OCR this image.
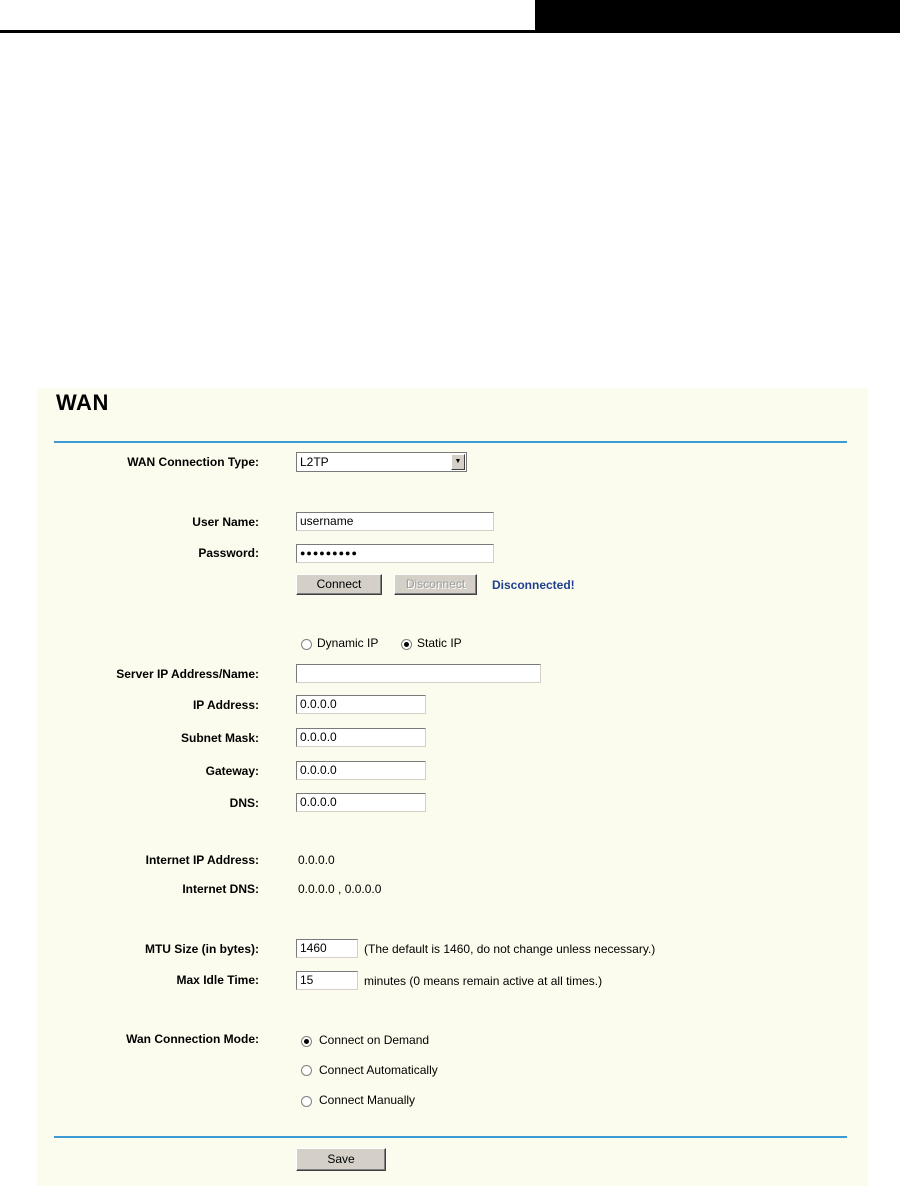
WAN
WAN Connection Type:	L2TP	▼
User Name:	username
Password:	●●●●●●●●●
Connect	Disconnect	Disconnected!
Dynamic IP	Static IP
Server IP Address/Name:
IP Address:	0.0.0.0
Subnet Mask:	0.0.0.0
Gateway:	0.0.0.0
DNS:	0.0.0.0
Internet IP Address:	0.0.0.0
Internet DNS:	0.0.0.0 , 0.0.0.0
MTU Size (in bytes):	1460	(The default is 1460, do not change unless necessary.)
Max Idle Time:	15	minutes (0 means remain active at all times.)
Wan Connection Mode:	Connect on Demand
Connect Automatically
Connect Manually
Save
